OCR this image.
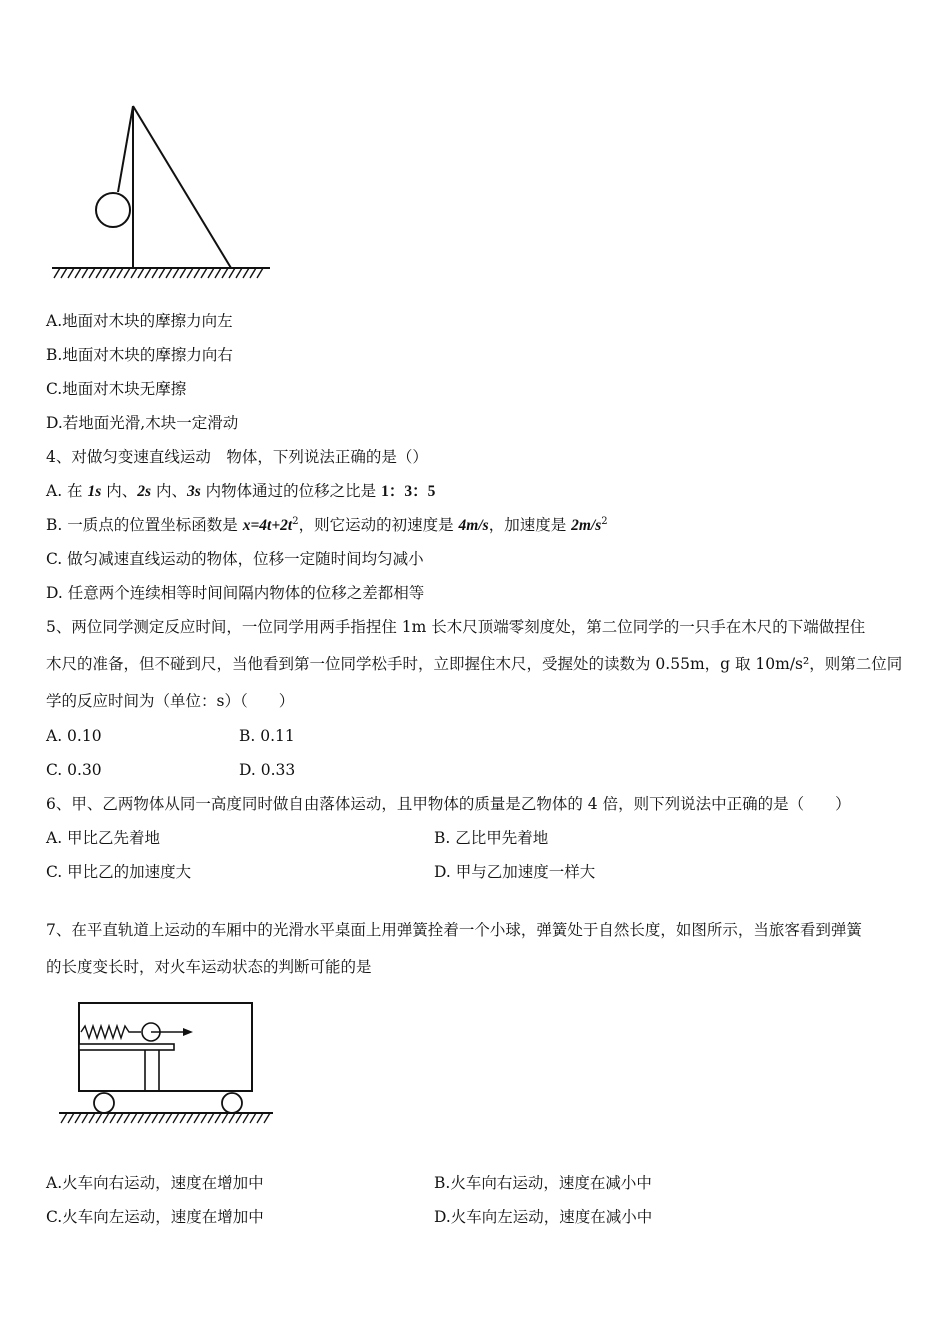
A.地面对木块的摩擦力向左
B.地面对木块的摩擦力向右
C.地面对木块无摩擦
D.若地面光滑,木块一定滑动
4、对做匀变速直线运动　物体，下列说法正确的是（）
A. 在 1s 内、2s 内、3s 内物体通过的位移之比是 1：3：5
B. 一质点的位置坐标函数是 $x=4t+2t^2$，则它运动的初速度是 4m/s，加速度是 $2m/s^2$
C. 做匀减速直线运动的物体，位移一定随时间均匀减小
D. 任意两个连续相等时间间隔内物体的位移之差都相等
5、两位同学测定反应时间，一位同学用两手指捏住 1m 长木尺顶端零刻度处，第二位同学的一只手在木尺的下端做捏住
木尺的准备，但不碰到尺，当他看到第一位同学松手时，立即握住木尺，受握处的读数为 0.55m，g 取 10m/s²，则第二位同
学的反应时间为（单位：s）（　　）
A. 0.10	B. 0.11
C. 0.30	D. 0.33
6、甲、乙两物体从同一高度同时做自由落体运动，且甲物体的质量是乙物体的 4 倍，则下列说法中正确的是（　　）
A. 甲比乙先着地	B. 乙比甲先着地
C. 甲比乙的加速度大	D. 甲与乙加速度一样大
7、在平直轨道上运动的车厢中的光滑水平桌面上用弹簧拴着一个小球，弹簧处于自然长度，如图所示，当旅客看到弹簧
的长度变长时，对火车运动状态的判断可能的是
A.火车向右运动，速度在增加中	B.火车向右运动，速度在减小中
C.火车向左运动，速度在增加中	D.火车向左运动，速度在减小中
